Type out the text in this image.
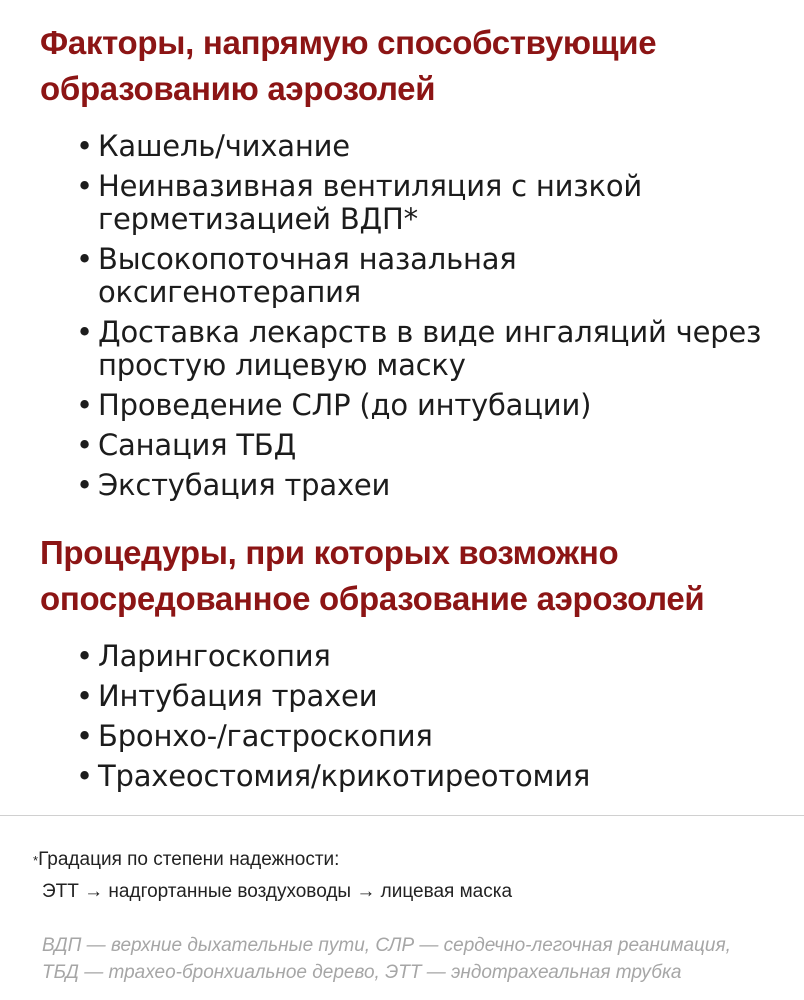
Факторы, напрямую способствующие
образованию аэрозолей
• Кашель/чихание
• Неинвазивная вентиляция с низкой герметизацией ВДП*
• Высокопоточная назальная оксигенотерапия
• Доставка лекарств в виде ингаляций через простую лицевую маску
• Проведение СЛР (до интубации)
• Санация ТБД
• Экстубация трахеи
Процедуры, при которых возможно
опосредованное образование аэрозолей
• Ларингоскопия
• Интубация трахеи
• Бронхо-/гастроскопия
• Трахеостомия/крикотиреотомия
*Градация по степени надежности:
ЭТТ → надгортанные воздуховоды → лицевая маска
ВДП — верхние дыхательные пути, СЛР — сердечно-легочная реанимация,
ТБД — трахео-бронхиальное дерево, ЭТТ — эндотрахеальная трубка
